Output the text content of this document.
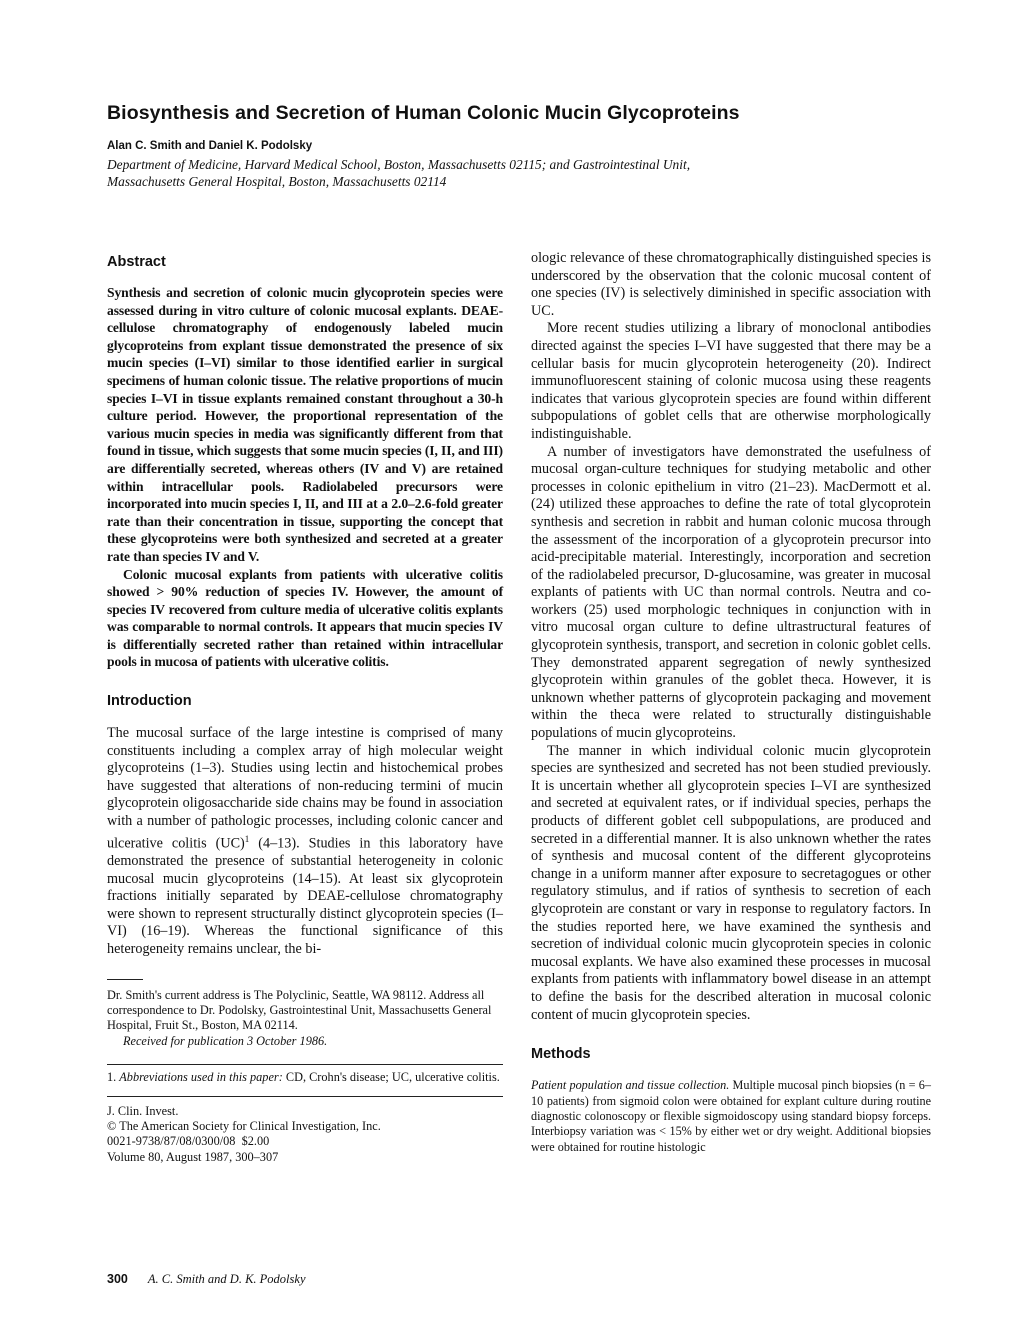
Biosynthesis and Secretion of Human Colonic Mucin Glycoproteins

Alan C. Smith and Daniel K. Podolsky

Department of Medicine, Harvard Medical School, Boston, Massachusetts 02115; and Gastrointestinal Unit,
Massachusetts General Hospital, Boston, Massachusetts 02114

Abstract

Synthesis and secretion of colonic mucin glycoprotein species were assessed during in vitro culture of colonic mucosal explants. DEAE-cellulose chromatography of endogenously labeled mucin glycoproteins from explant tissue demonstrated the presence of six mucin species (I–VI) similar to those identified earlier in surgical specimens of human colonic tissue. The relative proportions of mucin species I–VI in tissue explants remained constant throughout a 30-h culture period. However, the proportional representation of the various mucin species in media was significantly different from that found in tissue, which suggests that some mucin species (I, II, and III) are differentially secreted, whereas others (IV and V) are retained within intracellular pools. Radiolabeled precursors were incorporated into mucin species I, II, and III at a 2.0–2.6-fold greater rate than their concentration in tissue, supporting the concept that these glycoproteins were both synthesized and secreted at a greater rate than species IV and V.

Colonic mucosal explants from patients with ulcerative colitis showed > 90% reduction of species IV. However, the amount of species IV recovered from culture media of ulcerative colitis explants was comparable to normal controls. It appears that mucin species IV is differentially secreted rather than retained within intracellular pools in mucosa of patients with ulcerative colitis.

Introduction

The mucosal surface of the large intestine is comprised of many constituents including a complex array of high molecular weight glycoproteins (1–3). Studies using lectin and histochemical probes have suggested that alterations of non-reducing termini of mucin glycoprotein oligosaccharide side chains may be found in association with a number of pathologic processes, including colonic cancer and ulcerative colitis (UC)$^1$ (4–13). Studies in this laboratory have demonstrated the presence of substantial heterogeneity in colonic mucosal mucin glycoproteins (14–15). At least six glycoprotein fractions initially separated by DEAE-cellulose chromatography were shown to represent structurally distinct glycoprotein species (I–VI) (16–19). Whereas the functional significance of this heterogeneity remains unclear, the bi-

Dr. Smith's current address is The Polyclinic, Seattle, WA 98112. Address all correspondence to Dr. Podolsky, Gastrointestinal Unit, Massachusetts General Hospital, Fruit St., Boston, MA 02114.

Received for publication 3 October 1986.

1. Abbreviations used in this paper: CD, Crohn's disease; UC, ulcerative colitis.

J. Clin. Invest.

© The American Society for Clinical Investigation, Inc.

0021-9738/87/08/0300/08  $2.00

Volume 80, August 1987, 300–307

ologic relevance of these chromatographically distinguished species is underscored by the observation that the colonic mucosal content of one species (IV) is selectively diminished in specific association with UC.

More recent studies utilizing a library of monoclonal antibodies directed against the species I–VI have suggested that there may be a cellular basis for mucin glycoprotein heterogeneity (20). Indirect immunofluorescent staining of colonic mucosa using these reagents indicates that various glycoprotein species are found within different subpopulations of goblet cells that are otherwise morphologically indistinguishable.

A number of investigators have demonstrated the usefulness of mucosal organ-culture techniques for studying metabolic and other processes in colonic epithelium in vitro (21–23). MacDermott et al. (24) utilized these approaches to define the rate of total glycoprotein synthesis and secretion in rabbit and human colonic mucosa through the assessment of the incorporation of a glycoprotein precursor into acid-precipitable material. Interestingly, incorporation and secretion of the radiolabeled precursor, D-glucosamine, was greater in mucosal explants of patients with UC than normal controls. Neutra and co-workers (25) used morphologic techniques in conjunction with in vitro mucosal organ culture to define ultrastructural features of glycoprotein synthesis, transport, and secretion in colonic goblet cells. They demonstrated apparent segregation of newly synthesized glycoprotein within granules of the goblet theca. However, it is unknown whether patterns of glycoprotein packaging and movement within the theca were related to structurally distinguishable populations of mucin glycoproteins.

The manner in which individual colonic mucin glycoprotein species are synthesized and secreted has not been studied previously. It is uncertain whether all glycoprotein species I–VI are synthesized and secreted at equivalent rates, or if individual species, perhaps the products of different goblet cell subpopulations, are produced and secreted in a differential manner. It is also unknown whether the rates of synthesis and mucosal content of the different glycoproteins change in a uniform manner after exposure to secretagogues or other regulatory stimulus, and if ratios of synthesis to secretion of each glycoprotein are constant or vary in response to regulatory factors. In the studies reported here, we have examined the synthesis and secretion of individual colonic mucin glycoprotein species in colonic mucosal explants. We have also examined these processes in mucosal explants from patients with inflammatory bowel disease in an attempt to define the basis for the described alteration in mucosal colonic content of mucin glycoprotein species.

Methods

Patient population and tissue collection. Multiple mucosal pinch biopsies (n = 6–10 patients) from sigmoid colon were obtained for explant culture during routine diagnostic colonoscopy or flexible sigmoidoscopy using standard biopsy forceps. Interbiopsy variation was < 15% by either wet or dry weight. Additional biopsies were obtained for routine histologic

300 A. C. Smith and D. K. Podolsky
